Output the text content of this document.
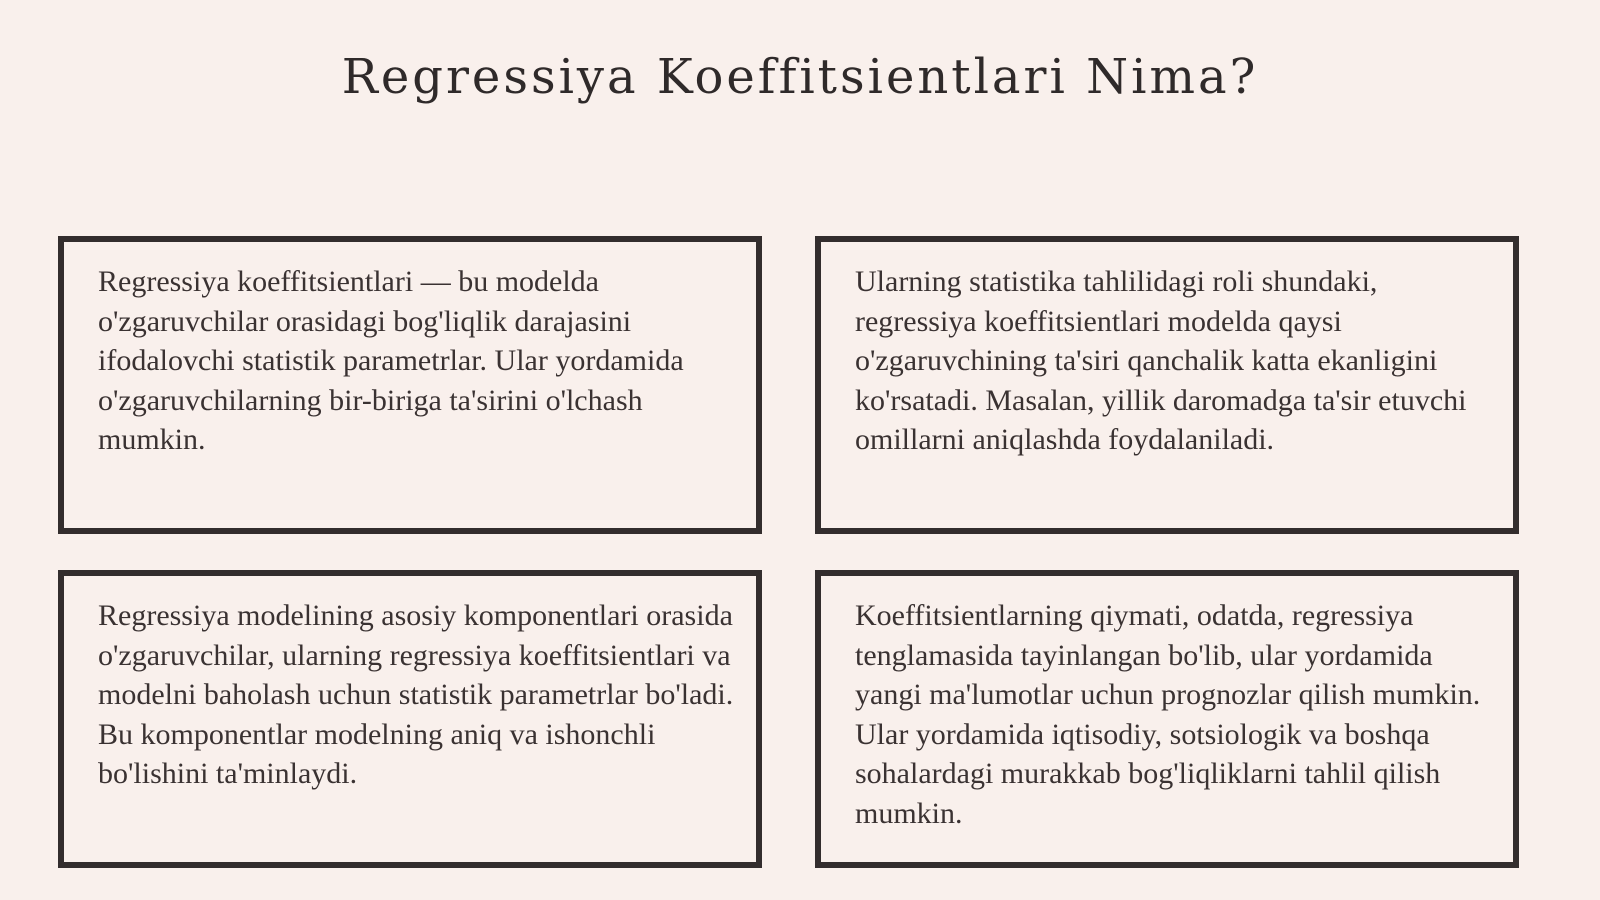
Regressiya Koeffitsientlari Nima?

Regressiya koeffitsientlari — bu modelda o'zgaruvchilar orasidagi bog'liqlik darajasini ifodalovchi statistik parametrlar. Ular yordamida o'zgaruvchilarning bir-biriga ta'sirini o'lchash mumkin.

Ularning statistika tahlilidagi roli shundaki, regressiya koeffitsientlari modelda qaysi o'zgaruvchining ta'siri qanchalik katta ekanligini ko'rsatadi. Masalan, yillik daromadga ta'sir etuvchi omillarni aniqlashda foydalaniladi.

Regressiya modelining asosiy komponentlari orasida o'zgaruvchilar, ularning regressiya koeffitsientlari va modelni baholash uchun statistik parametrlar bo'ladi. Bu komponentlar modelning aniq va ishonchli bo'lishini ta'minlaydi.

Koeffitsientlarning qiymati, odatda, regressiya tenglamasida tayinlangan bo'lib, ular yordamida yangi ma'lumotlar uchun prognozlar qilish mumkin. Ular yordamida iqtisodiy, sotsiologik va boshqa sohalardagi murakkab bog'liqliklarni tahlil qilish mumkin.
